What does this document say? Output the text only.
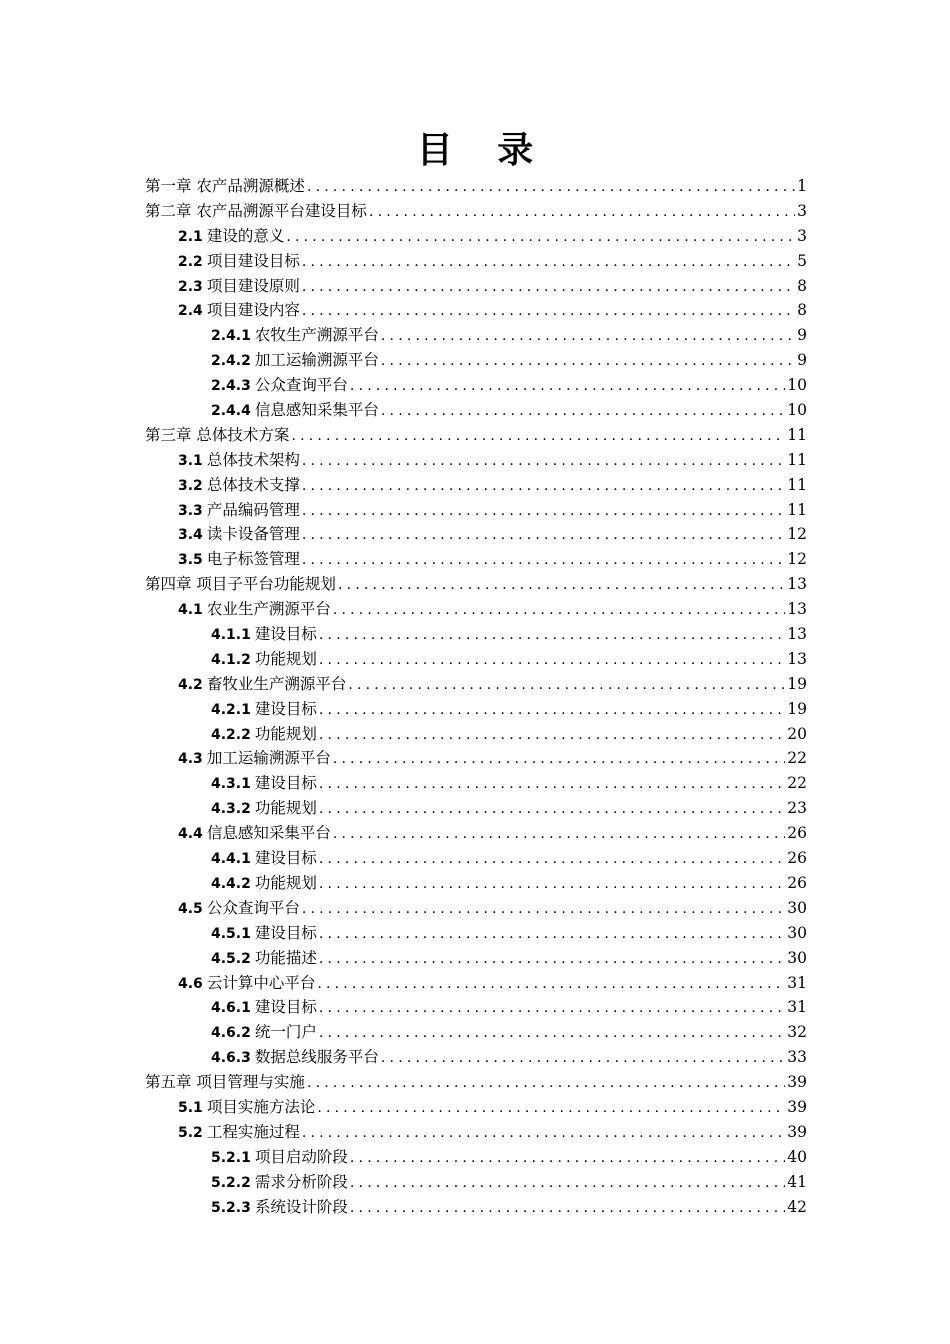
目 录
第一章 农产品溯源概述 .....	1
第二章 农产品溯源平台建设目标 .....	3
2.1 建设的意义 .....	3
2.2 项目建设目标 .....	5
2.3 项目建设原则 .....	8
2.4 项目建设内容 .....	8
2.4.1 农牧生产溯源平台 .....	9
2.4.2 加工运输溯源平台 .....	9
2.4.3 公众查询平台 .....	10
2.4.4 信息感知采集平台 .....	10
第三章 总体技术方案 .....	11
3.1 总体技术架构 .....	11
3.2 总体技术支撑 .....	11
3.3 产品编码管理 .....	11
3.4 读卡设备管理 .....	12
3.5 电子标签管理 .....	12
第四章 项目子平台功能规划 .....	13
4.1 农业生产溯源平台 .....	13
4.1.1 建设目标 .....	13
4.1.2 功能规划 .....	13
4.2 畜牧业生产溯源平台 .....	19
4.2.1 建设目标 .....	19
4.2.2 功能规划 .....	20
4.3 加工运输溯源平台 .....	22
4.3.1 建设目标 .....	22
4.3.2 功能规划 .....	23
4.4 信息感知采集平台 .....	26
4.4.1 建设目标 .....	26
4.4.2 功能规划 .....	26
4.5 公众查询平台 .....	30
4.5.1 建设目标 .....	30
4.5.2 功能描述 .....	30
4.6 云计算中心平台 .....	31
4.6.1 建设目标 .....	31
4.6.2 统一门户 .....	32
4.6.3 数据总线服务平台 .....	33
第五章 项目管理与实施 .....	39
5.1 项目实施方法论 .....	39
5.2 工程实施过程 .....	39
5.2.1 项目启动阶段 .....	40
5.2.2 需求分析阶段 .....	41
5.2.3 系统设计阶段 .....	42
